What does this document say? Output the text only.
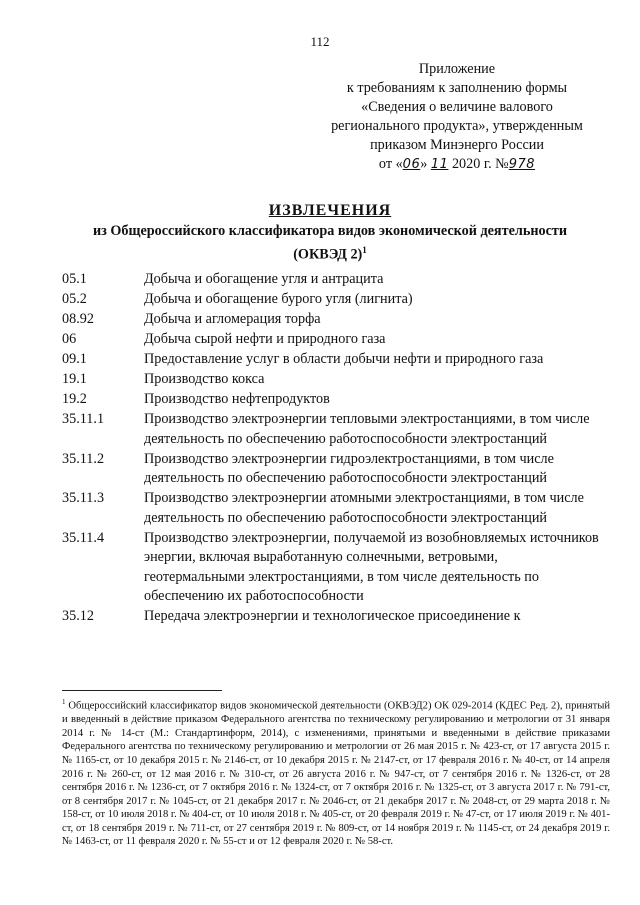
112
Приложение
к требованиям к заполнению формы
«Сведения о величине валового
регионального продукта», утвержденным
приказом Минэнерго России
от «06» 11 2020 г. №978
ИЗВЛЕЧЕНИЯ
из Общероссийского классификатора видов экономической деятельности
(ОКВЭД 2)$^1$
05.1	Добыча и обогащение угля и антрацита
05.2	Добыча и обогащение бурого угля (лигнита)
08.92	Добыча и агломерация торфа
06	Добыча сырой нефти и природного газа
09.1	Предоставление услуг в области добычи нефти и природного газа
19.1	Производство кокса
19.2	Производство нефтепродуктов
35.11.1	Производство электроэнергии тепловыми электростанциями, в том числе деятельность по обеспечению работоспособности электростанций
35.11.2	Производство электроэнергии гидроэлектростанциями, в том числе деятельность по обеспечению работоспособности электростанций
35.11.3	Производство электроэнергии атомными электростанциями, в том числе деятельность по обеспечению работоспособности электростанций
35.11.4	Производство электроэнергии, получаемой из возобновляемых источников энергии, включая выработанную солнечными, ветровыми, геотермальными электростанциями, в том числе деятельность по обеспечению их работоспособности
35.12	Передача электроэнергии и технологическое присоединение к
$^1$ Общероссийский классификатор видов экономической деятельности (ОКВЭД2) ОК 029-2014 (КДЕС Ред. 2), принятый и введенный в действие приказом Федерального агентства по техническому регулированию и метрологии от 31 января 2014 г. № 14-ст (М.: Стандартинформ, 2014), с изменениями, принятыми и введенными в действие приказами Федерального агентства по техническому регулированию и метрологии от 26 мая 2015 г. № 423-ст, от 17 августа 2015 г. № 1165-ст, от 10 декабря 2015 г. № 2146-ст, от 10 декабря 2015 г. № 2147-ст, от 17 февраля 2016 г. № 40-ст, от 14 апреля 2016 г. № 260-ст, от 12 мая 2016 г. № 310-ст, от 26 августа 2016 г. № 947-ст, от 7 сентября 2016 г. № 1326-ст, от 28 сентября 2016 г. № 1236-ст, от 7 октября 2016 г. № 1324-ст, от 7 октября 2016 г. № 1325-ст, от 3 августа 2017 г. № 791-ст, от 8 сентября 2017 г. № 1045-ст, от 21 декабря 2017 г. № 2046-ст, от 21 декабря 2017 г. № 2048-ст, от 29 марта 2018 г. № 158-ст, от 10 июля 2018 г. № 404-ст, от 10 июля 2018 г. № 405-ст, от 20 февраля 2019 г. № 47-ст, от 17 июля 2019 г. № 401-ст, от 18 сентября 2019 г. № 711-ст, от 27 сентября 2019 г. № 809-ст, от 14 ноября 2019 г. № 1145-ст, от 24 декабря 2019 г. № 1463-ст, от 11 февраля 2020 г. № 55-ст и от 12 февраля 2020 г. № 58-ст.
